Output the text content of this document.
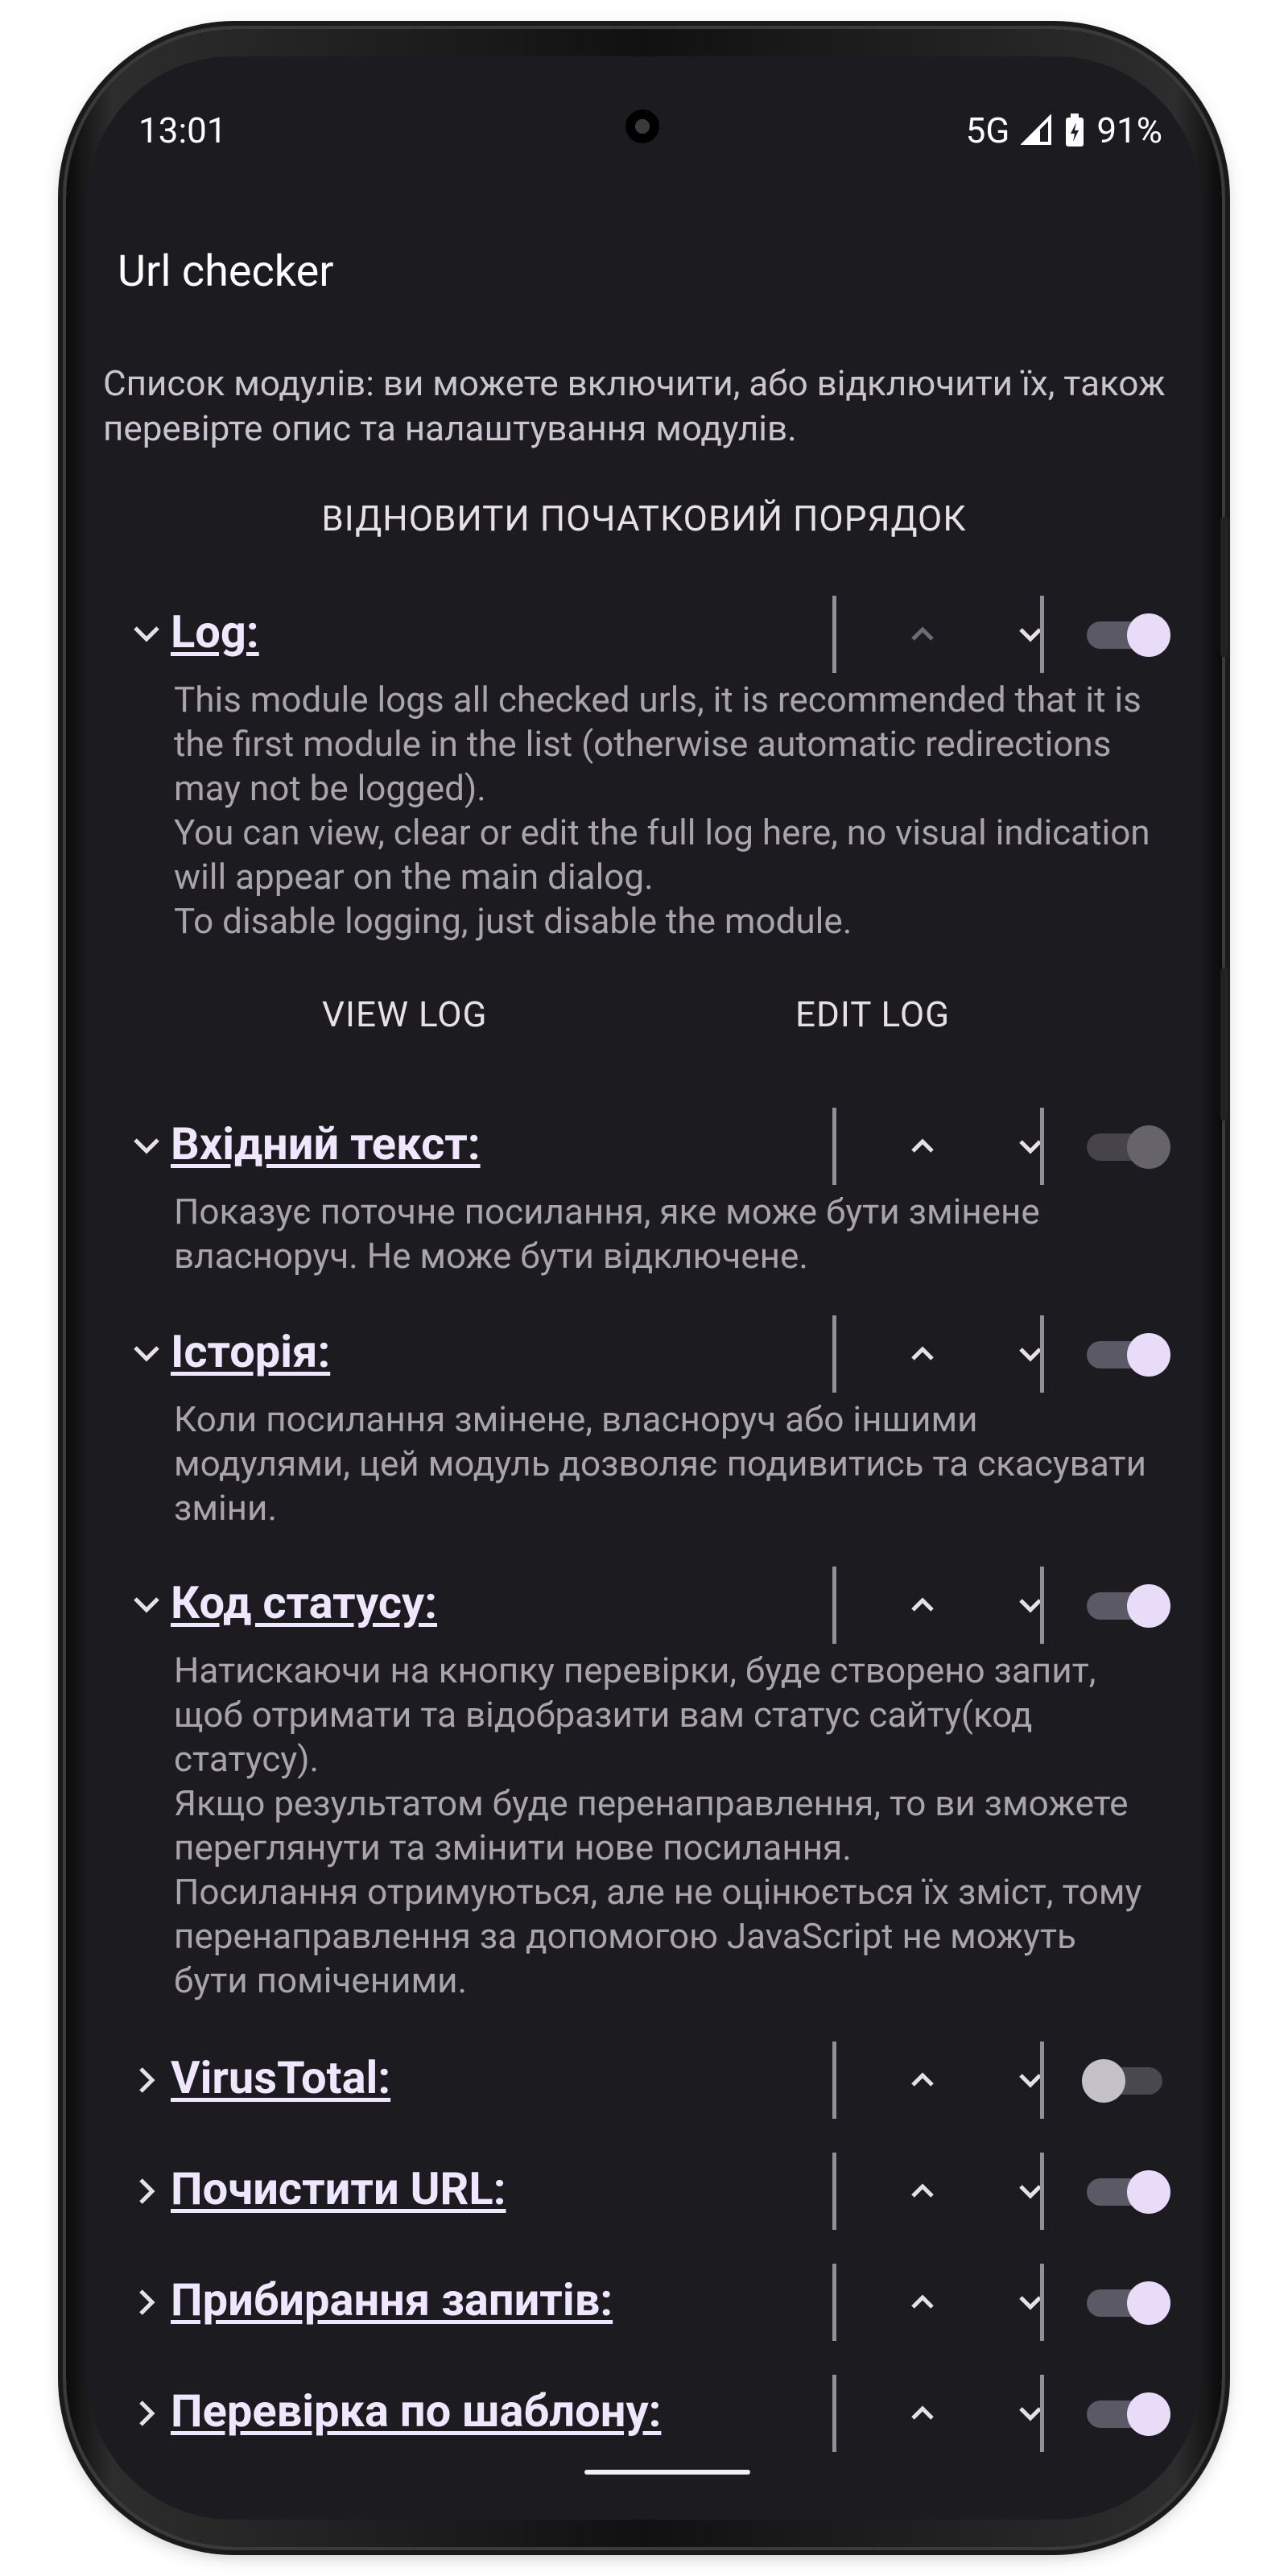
13:01	5G 91%
Url checker
Список модулів: ви можете включити, або відключити їх, також перевірте опис та налаштування модулів.
ВІДНОВИТИ ПОЧАТКОВИЙ ПОРЯДОК
Log:
This module logs all checked urls, it is recommended that it is the first module in the list (otherwise automatic redirections may not be logged).
You can view, clear or edit the full log here, no visual indication will appear on the main dialog.
To disable logging, just disable the module.
VIEW LOG	EDIT LOG
Вхідний текст:
Показує поточне посилання, яке може бути змінене власноруч. Не може бути відключене.
Історія:
Коли посилання змінене, власноруч або іншими модулями, цей модуль дозволяє подивитись та скасувати зміни.
Код статусу:
Натискаючи на кнопку перевірки, буде створено запит, щоб отримати та відобразити вам статус сайту(код статусу).
Якщо результатом буде перенаправлення, то ви зможете переглянути та змінити нове посилання.
Посилання отримуються, але не оцінюється їх зміст, тому перенаправлення за допомогою JavaScript не можуть бути поміченими.
VirusTotal:
Почистити URL:
Прибирання запитів:
Перевірка по шаблону:
